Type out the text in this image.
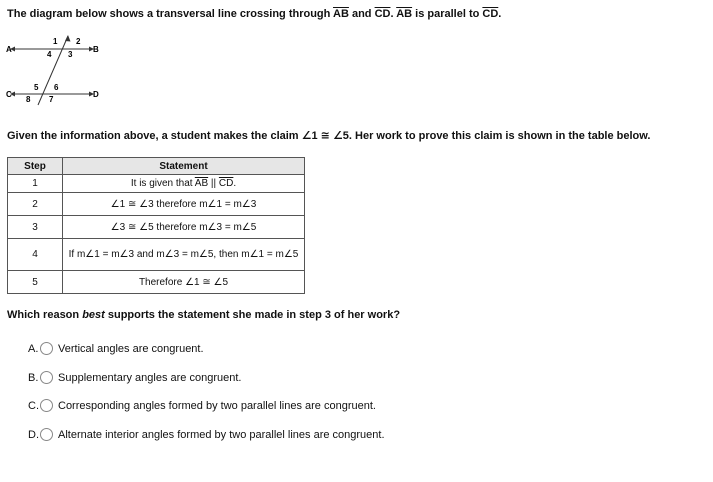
The diagram below shows a transversal line crossing through $\overline{AB}$ and $\overline{CD}$. $\overline{AB}$ is parallel to $\overline{CD}$.
A	B
C	D
1 2
3
4
5 6
7
8
Given the information above, a student makes the claim ∠1 ≅ ∠5. Her work to prove this claim is shown in the table below.
Step	Statement
1	It is given that $\overline{AB}$ || $\overline{CD}$.
2	∠1 ≅ ∠3 therefore m∠1 = m∠3
3	∠3 ≅ ∠5 therefore m∠3 = m∠5
4	If m∠1 = m∠3 and m∠3 = m∠5, then m∠1 = m∠5
5	Therefore ∠1 ≅ ∠5
Which reason best supports the statement she made in step 3 of her work?
A. Vertical angles are congruent.
B. Supplementary angles are congruent.
C. Corresponding angles formed by two parallel lines are congruent.
D. Alternate interior angles formed by two parallel lines are congruent.
